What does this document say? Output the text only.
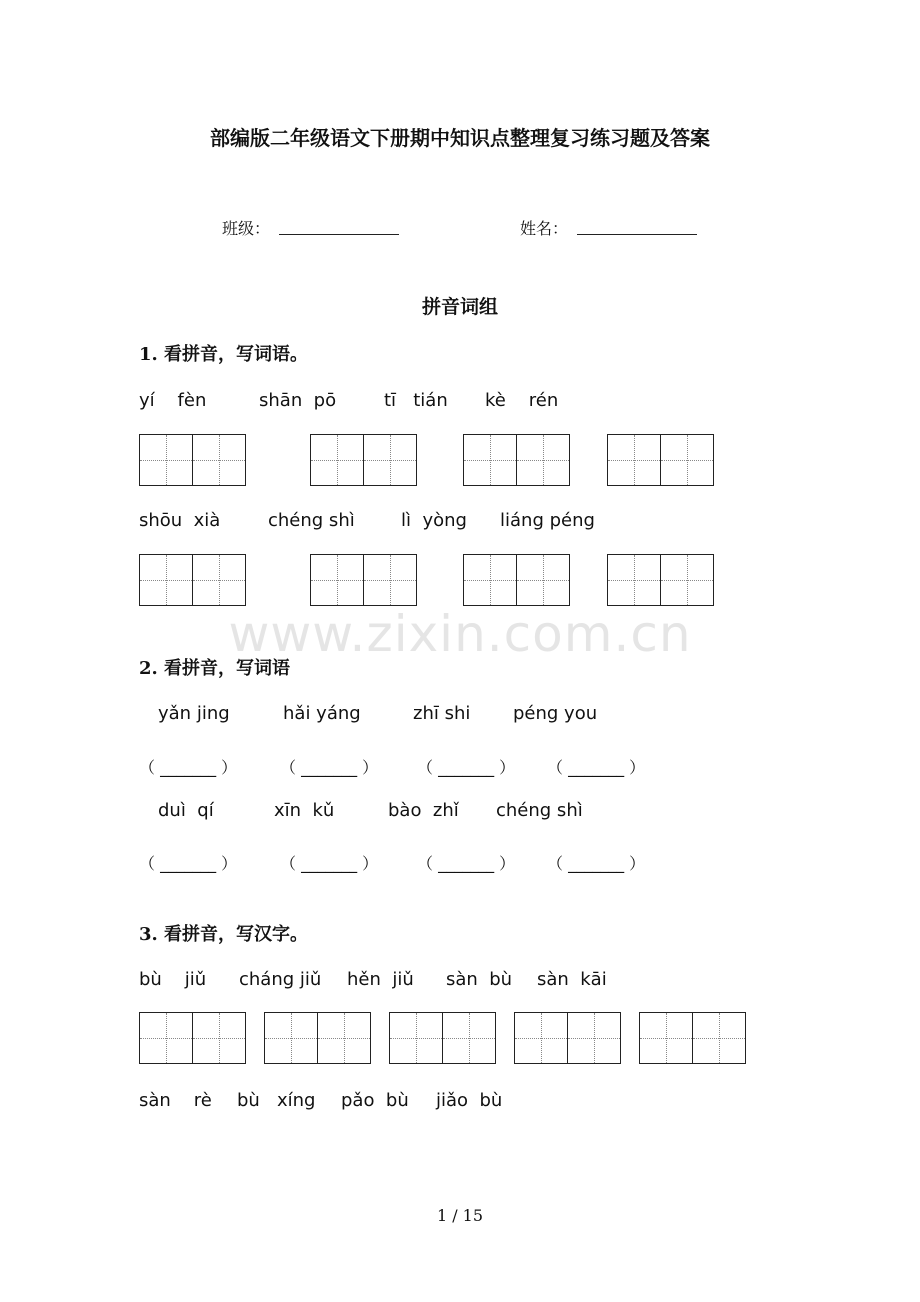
部编版二年级语文下册期中知识点整理复习练习题及答案
班级：	姓名：
拼音词组
1. 看拼音，写词语。
yí    fèn	shān  pō	tī   tián kè    rén
shōu  xià	chéng shì	lì  yòng liáng péng
www.zixin.com.cn
2. 看拼音，写词语
yǎn jing	hǎi yáng	zhī shi péng you
（ _______ ）	（ _______ ） （ _______ ） （ _______ ）
duì  qí	xīn  kǔ	bào  zhǐ chéng shì
（ _______ ）	（ _______ ） （ _______ ） （ _______ ）
3. 看拼音，写汉字。
bù    jiǔ cháng jiǔ hěn  jiǔ sàn  bù sàn  kāi
sàn    rè bù   xíng pǎo  bù jiǎo  bù
1 / 15
